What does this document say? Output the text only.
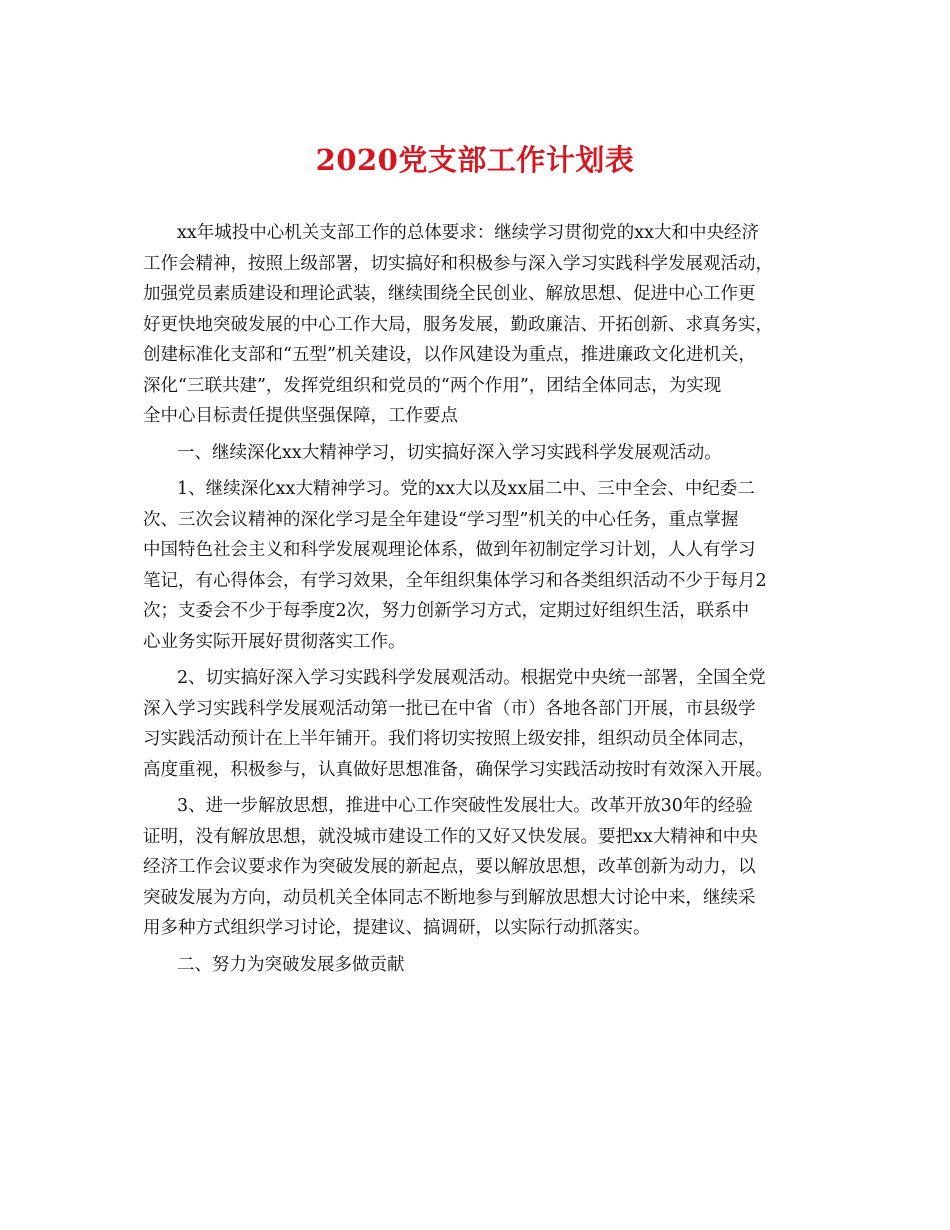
2020党支部工作计划表
xx年城投中心机关支部工作的总体要求：继续学习贯彻党的xx大和中央经济
工作会精神，按照上级部署，切实搞好和积极参与深入学习实践科学发展观活动，
加强党员素质建设和理论武装，继续围绕全民创业、解放思想、促进中心工作更
好更快地突破发展的中心工作大局，服务发展，勤政廉洁、开拓创新、求真务实，
创建标准化支部和“五型”机关建设，以作风建设为重点，推进廉政文化进机关，
深化“三联共建”，发挥党组织和党员的“两个作用”，团结全体同志，为实现
全中心目标责任提供坚强保障，工作要点
一、继续深化xx大精神学习，切实搞好深入学习实践科学发展观活动。
1、继续深化xx大精神学习。党的xx大以及xx届二中、三中全会、中纪委二
次、三次会议精神的深化学习是全年建设“学习型”机关的中心任务，重点掌握
中国特色社会主义和科学发展观理论体系，做到年初制定学习计划，人人有学习
笔记，有心得体会，有学习效果，全年组织集体学习和各类组织活动不少于每月2
次；支委会不少于每季度2次，努力创新学习方式，定期过好组织生活，联系中
心业务实际开展好贯彻落实工作。
2、切实搞好深入学习实践科学发展观活动。根据党中央统一部署，全国全党
深入学习实践科学发展观活动第一批已在中省（市）各地各部门开展，市县级学
习实践活动预计在上半年铺开。我们将切实按照上级安排，组织动员全体同志，
高度重视，积极参与，认真做好思想准备，确保学习实践活动按时有效深入开展。
3、进一步解放思想，推进中心工作突破性发展壮大。改革开放30年的经验
证明，没有解放思想，就没城市建设工作的又好又快发展。要把xx大精神和中央
经济工作会议要求作为突破发展的新起点，要以解放思想，改革创新为动力，以
突破发展为方向，动员机关全体同志不断地参与到解放思想大讨论中来，继续采
用多种方式组织学习讨论，提建议、搞调研，以实际行动抓落实。
二、努力为突破发展多做贡献
